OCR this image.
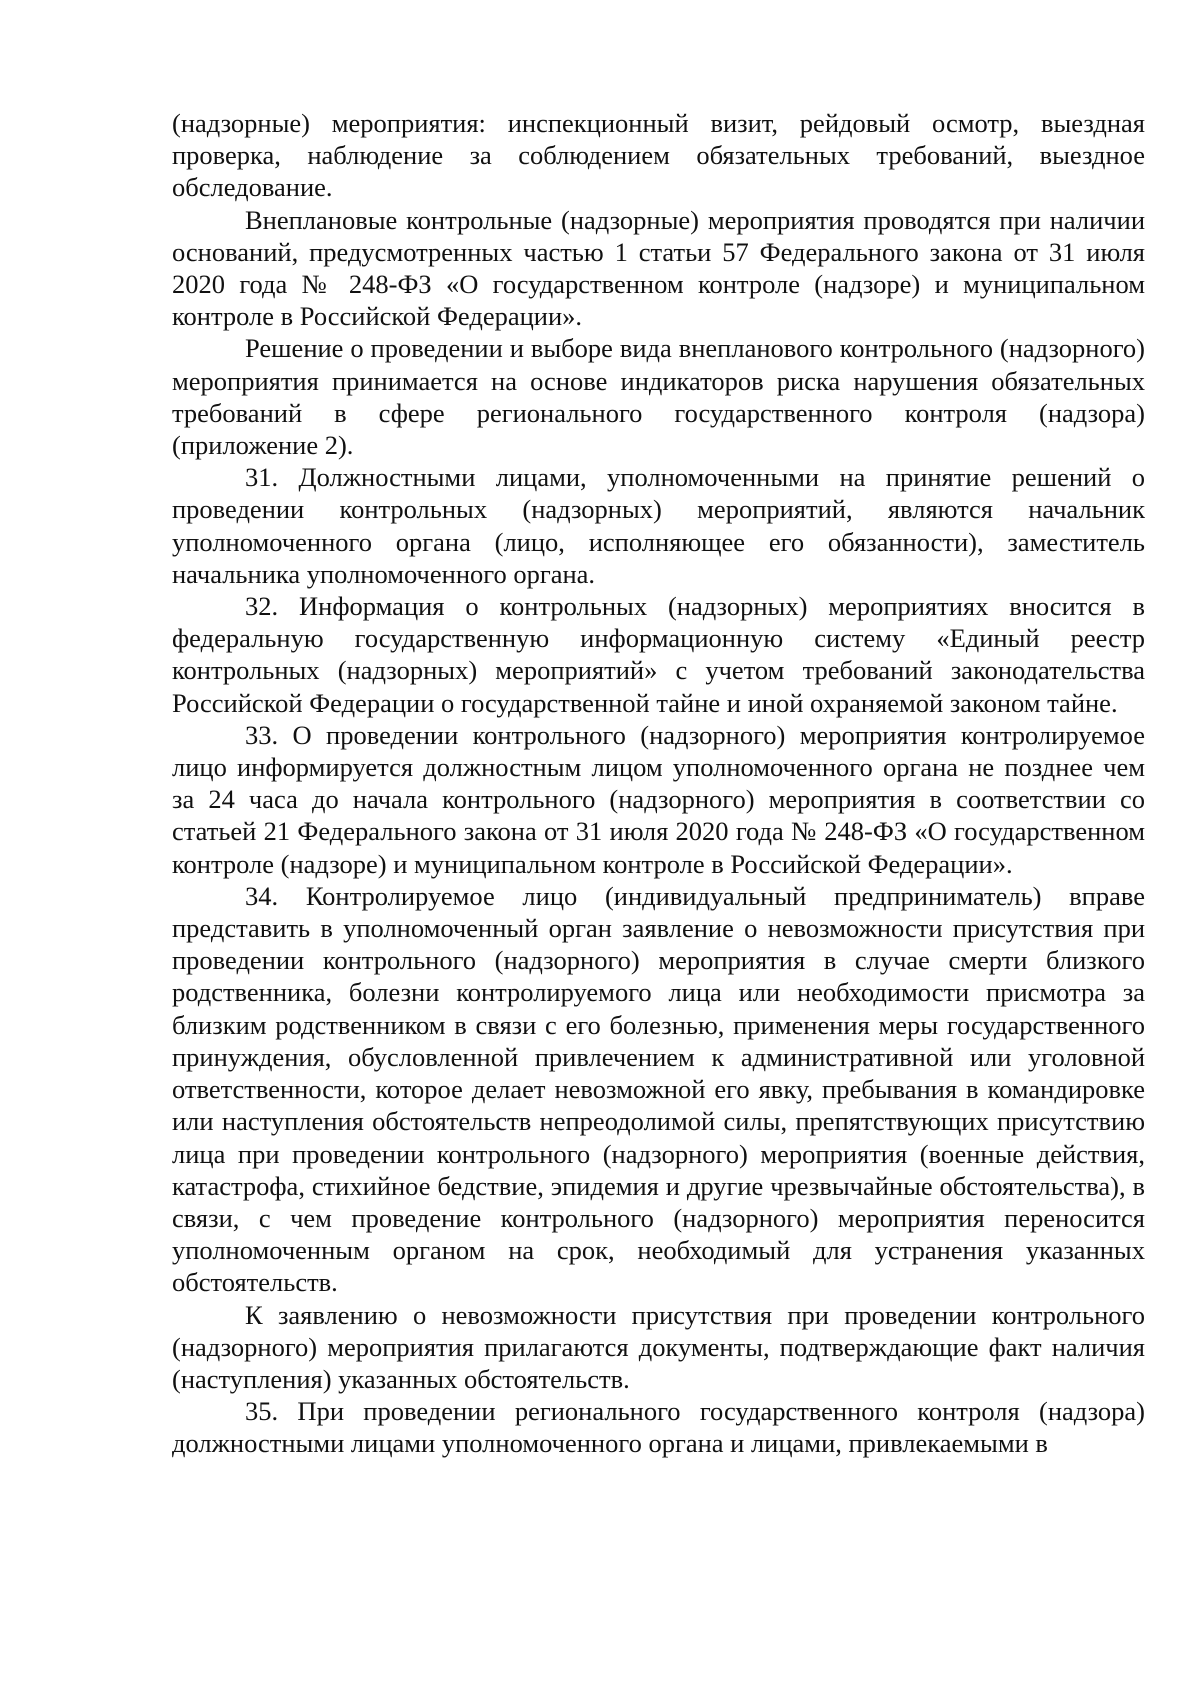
(надзорные) мероприятия: инспекционный визит, рейдовый осмотр, выездная проверка, наблюдение за соблюдением обязательных требований, выездное обследование.

Внеплановые контрольные (надзорные) мероприятия проводятся при наличии оснований, предусмотренных частью 1 статьи 57 Федерального закона от 31 июля 2020 года № 248-ФЗ «О государственном контроле (надзоре) и муниципальном контроле в Российской Федерации».

Решение о проведении и выборе вида внепланового контрольного (надзорного) мероприятия принимается на основе индикаторов риска нарушения обязательных требований в сфере регионального государственного контроля (надзора) (приложение 2).

31. Должностными лицами, уполномоченными на принятие решений о проведении контрольных (надзорных) мероприятий, являются начальник уполномоченного органа (лицо, исполняющее его обязанности), заместитель начальника уполномоченного органа.

32. Информация о контрольных (надзорных) мероприятиях вносится в федеральную государственную информационную систему «Единый реестр контрольных (надзорных) мероприятий» с учетом требований законодательства Российской Федерации о государственной тайне и иной охраняемой законом тайне.

33. О проведении контрольного (надзорного) мероприятия контролируемое лицо информируется должностным лицом уполномоченного органа не позднее чем за 24 часа до начала контрольного (надзорного) мероприятия в соответствии со статьей 21 Федерального закона от 31 июля 2020 года № 248-ФЗ «О государственном контроле (надзоре) и муниципальном контроле в Российской Федерации».

34. Контролируемое лицо (индивидуальный предприниматель) вправе представить в уполномоченный орган заявление о невозможности присутствия при проведении контрольного (надзорного) мероприятия в случае смерти близкого родственника, болезни контролируемого лица или необходимости присмотра за близким родственником в связи с его болезнью, применения меры государственного принуждения, обусловленной привлечением к административной или уголовной ответственности, которое делает невозможной его явку, пребывания в командировке или наступления обстоятельств непреодолимой силы, препятствующих присутствию лица при проведении контрольного (надзорного) мероприятия (военные действия, катастрофа, стихийное бедствие, эпидемия и другие чрезвычайные обстоятельства), в связи, с чем проведение контрольного (надзорного) мероприятия переносится уполномоченным органом на срок, необходимый для устранения указанных обстоятельств.

К заявлению о невозможности присутствия при проведении контрольного (надзорного) мероприятия прилагаются документы, подтверждающие факт наличия (наступления) указанных обстоятельств.

35. При проведении регионального государственного контроля (надзора) должностными лицами уполномоченного органа и лицами, привлекаемыми в
